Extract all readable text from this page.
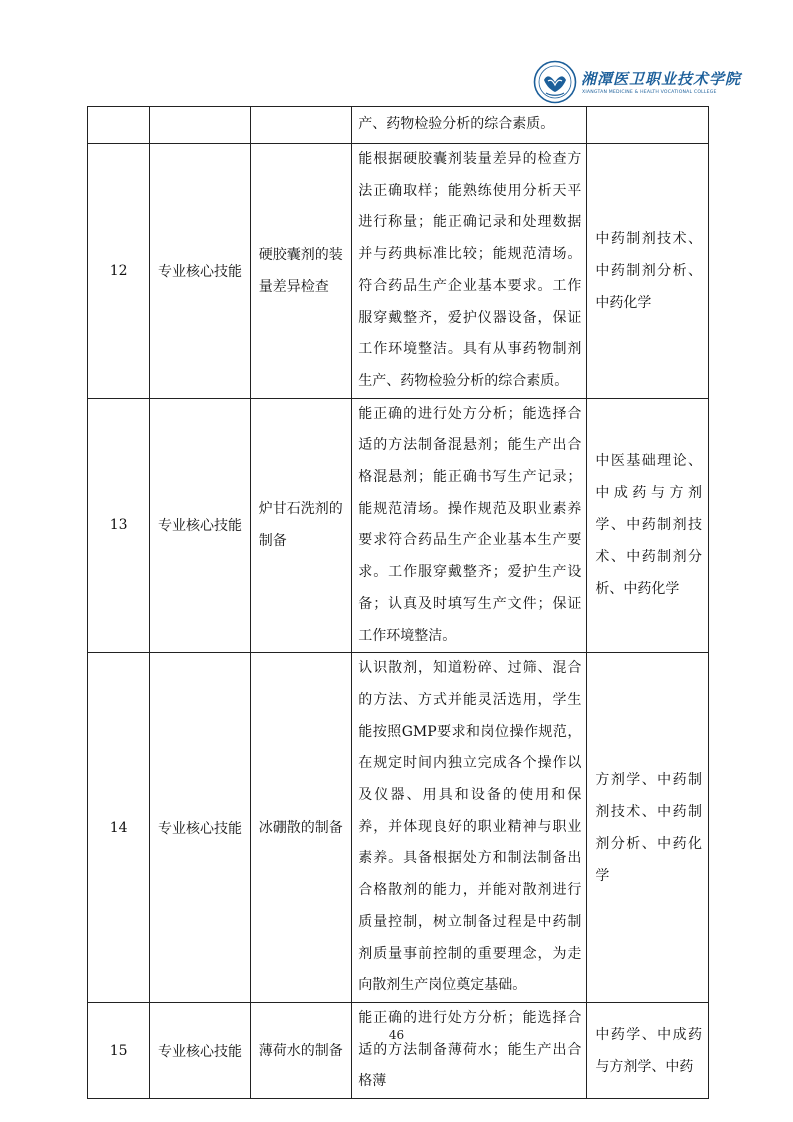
湘潭医卫职业技术学院
XIANGTAN MEDICINE & HEALTH VOCATIONAL COLLEGE

			产、药物检验分析的综合素质。	

12	专业核心技能	硬胶囊剂的装量差异检查	能根据硬胶囊剂装量差异的检查方法正确取样；能熟练使用分析天平进行称量；能正确记录和处理数据并与药典标准比较；能规范清场。符合药品生产企业基本要求。工作服穿戴整齐，爱护仪器设备，保证工作环境整洁。具有从事药物制剂生产、药物检验分析的综合素质。	中药制剂技术、中药制剂分析、中药化学

13	专业核心技能	炉甘石洗剂的制备	能正确的进行处方分析；能选择合适的方法制备混悬剂；能生产出合格混悬剂；能正确书写生产记录；能规范清场。操作规范及职业素养要求符合药品生产企业基本生产要求。工作服穿戴整齐；爱护生产设备；认真及时填写生产文件；保证工作环境整洁。	中医基础理论、中成药与方剂学、中药制剂技术、中药制剂分析、中药化学

14	专业核心技能	冰硼散的制备	认识散剂，知道粉碎、过筛、混合的方法、方式并能灵活选用，学生能按照GMP要求和岗位操作规范，在规定时间内独立完成各个操作以及仪器、用具和设备的使用和保养，并体现良好的职业精神与职业素养。具备根据处方和制法制备出合格散剂的能力，并能对散剂进行质量控制，树立制备过程是中药制剂质量事前控制的重要理念，为走向散剂生产岗位奠定基础。	方剂学、中药制剂技术、中药制剂分析、中药化学

15	专业核心技能	薄荷水的制备	能正确的进行处方分析；能选择合适的方法制备薄荷水；能生产出合格薄	中药学、中成药与方剂学、中药
46
